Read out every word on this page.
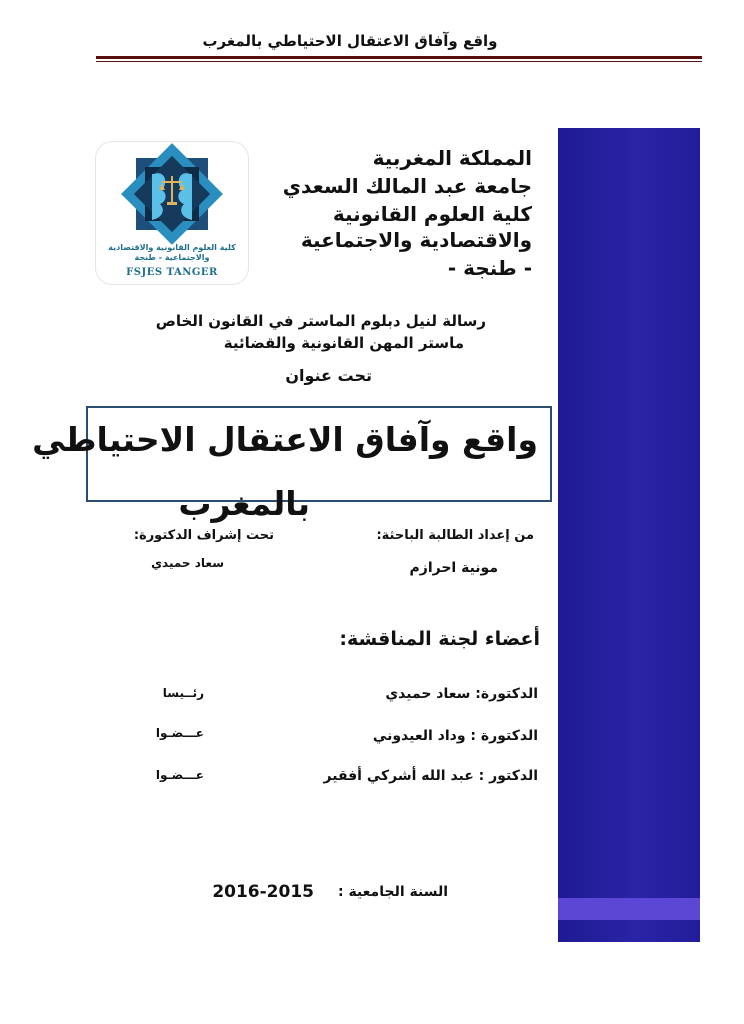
واقع وآفاق الاعتقال الاحتياطي بالمغرب
كلية العلوم القانونية والاقتصادية والاجتماعية - طنجة
FSJES TANGER
المملكة المغربية
جامعة عبد المالك السعدي
كلية العلوم القانونية
والاقتصادية والاجتماعية
- طنجة -
رسالة لنيل دبلوم الماستر في القانون الخاص
ماستر المهن القانونية والقضائية
تحت عنوان
واقع وآفاق الاعتقال الاحتياطي
بالمغرب
من إعداد الطالبة الباحثة:
مونية احرازم
تحت إشراف الدكتورة:
سعاد حميدي
أعضاء لجنة المناقشة:
الدكتورة: سعاد حميدي
رئــيسا
الدكتورة : وداد العيدوني
عـــضـوا
الدكتور : عبد الله أشركي أفقير
عـــضـوا
السنة الجامعية :
2016-2015
